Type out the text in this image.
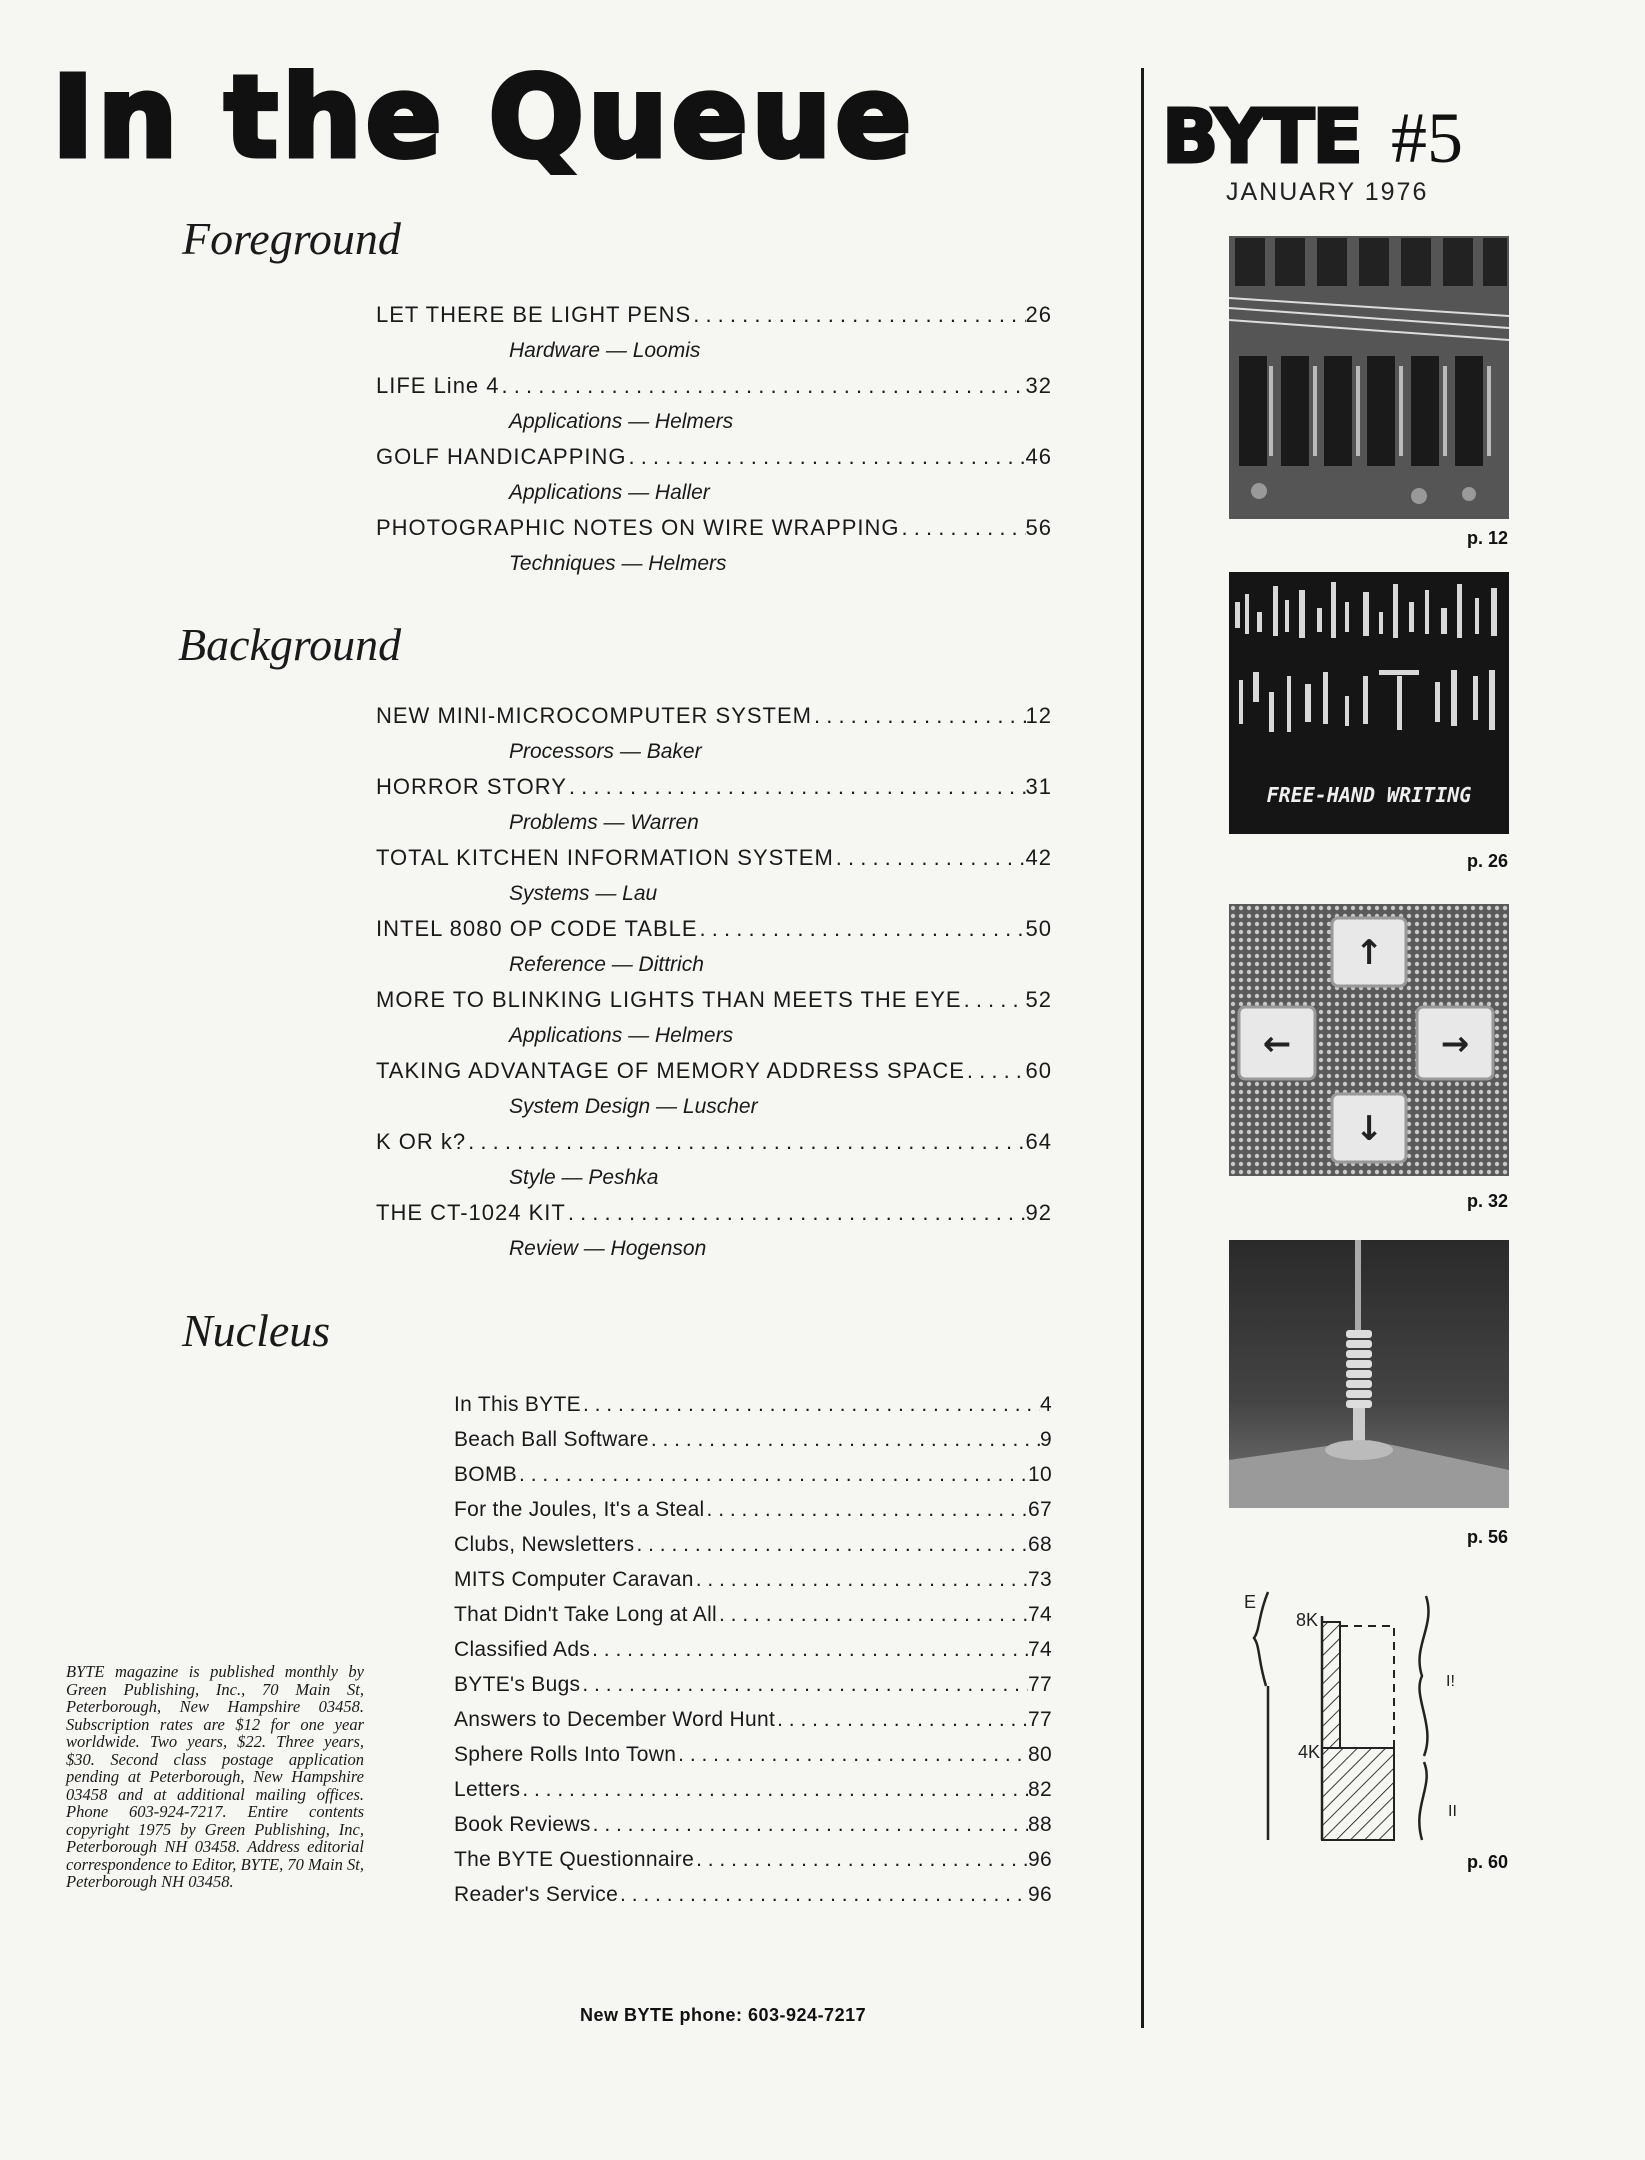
In the Queue
Foreground
Background
Nucleus
LET THERE BE LIGHT PENS . . .	26
Hardware — Loomis
LIFE Line 4 . . .	32
Applications — Helmers
GOLF HANDICAPPING . . .	46
Applications — Haller
PHOTOGRAPHIC NOTES ON WIRE WRAPPING . . .	56
Techniques — Helmers
NEW MINI-MICROCOMPUTER SYSTEM . . .	12
Processors — Baker
HORROR STORY . . .	31
Problems — Warren
TOTAL KITCHEN INFORMATION SYSTEM . . .	42
Systems — Lau
INTEL 8080 OP CODE TABLE . . .	50
Reference — Dittrich
MORE TO BLINKING LIGHTS THAN MEETS THE EYE . . .	52
Applications — Helmers
TAKING ADVANTAGE OF MEMORY ADDRESS SPACE . . .	60
System Design — Luscher
K OR k? . . .	64
Style — Peshka
THE CT-1024 KIT . . .	92
Review — Hogenson
In This BYTE . . .	4
Beach Ball Software . . .	9
BOMB . . .	10
For the Joules, It's a Steal . . .	67
Clubs, Newsletters . . .	68
MITS Computer Caravan . . .	73
That Didn't Take Long at All . . .	74
Classified Ads . . .	74
BYTE's Bugs . . .	77
Answers to December Word Hunt . . .	77
Sphere Rolls Into Town . . .	80
Letters . . .	82
Book Reviews . . .	88
The BYTE Questionnaire . . .	96
Reader's Service . . .	96

BYTE magazine is published monthly by Green Publishing, Inc., 70 Main St, Peterborough, New Hampshire 03458. Subscription rates are $12 for one year worldwide. Two years, $22. Three years, $30. Second class postage application pending at Peterborough, New Hampshire 03458 and at additional mailing offices. Phone 603-924-7217. Entire contents copyright 1975 by Green Publishing, Inc, Peterborough NH 03458. Address editorial correspondence to Editor, BYTE, 70 Main St, Peterborough NH 03458.

New BYTE phone: 603-924-7217
BYTE #5
JANUARY 1976
p. 12
FREE-HAND WRITING
p. 26
↑
←	→
↓
p. 32
p. 56
E
8K
4K
I!
II
p. 60
